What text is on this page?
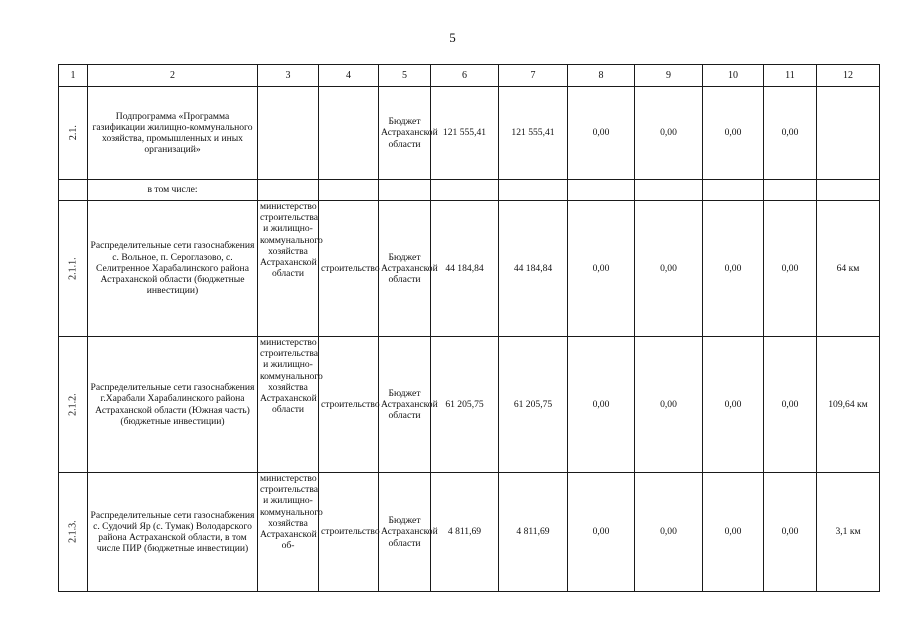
5
1	2	3	4	5	6	7	8	9	10	11	12
2.1.	Подпрограмма «Программа газификации жилищно-коммунального хозяйства, промышленных и иных организаций»			Бюджет Астраханской области	121 555,41	121 555,41	0,00	0,00	0,00	0,00	
	в том числе:										
2.1.1.	Распределительные сети газоснабжения с. Вольное, п. Сероглазово, с. Селитренное Харабалинского района Астраханской области (бюджетные инвестиции)	министерство строительства и жилищно-коммунального хозяйства Астраханской области	строительство	Бюджет Астраханской области	44 184,84	44 184,84	0,00	0,00	0,00	0,00	64 км
2.1.2.	Распределительные сети газоснабжения г.Харабали Харабалинского района Астраханской области (Южная часть) (бюджетные инвестиции)	министерство строительства и жилищно-коммунального хозяйства Астраханской области	строительство	Бюджет Астраханской области	61 205,75	61 205,75	0,00	0,00	0,00	0,00	109,64 км
2.1.3.	Распределительные сети газоснабжения с. Судочий Яр (с. Тумак) Володарского района Астраханской области, в том числе ПИР (бюджетные инвестиции)	министерство строительства и жилищно-коммунального хозяйства Астраханской об-	строительство	Бюджет Астраханской области	4 811,69	4 811,69	0,00	0,00	0,00	0,00	3,1 км
